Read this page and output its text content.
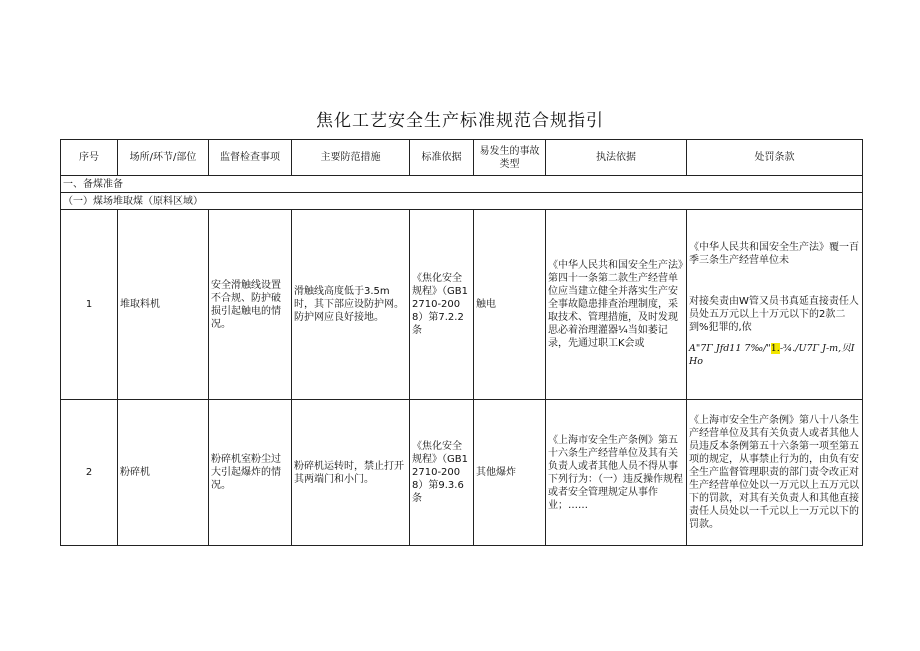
焦化工艺安全生产标准规范合规指引
序号	场所/环节/部位	监督检查事项	主要防范措施	标准依据	易发生的事故类型	执法依据	处罚条款
一、备煤准备							
（一）煤场堆取煤（原料区域）							
1	堆取料机	安全滑触线设置不合规、防护破损引起触电的情况。	滑触线高度低于3.5m时，其下部应设防护网。防护网应良好接地。	《焦化安全规程》（GB12710-2008）第7.2.2条	触电	《中华人民共和国安全生产法》第四十一条第二款生产经营单位应当建立健全并落实生产安全事故隐患排查治理制度，采取技术、管理措施，及时发现思必着治理灌器¼当如萎记录，先通过职工K会或	《中华人民共和国安全生产法》覆一百季三条生产经营单位未
对接矣责由W管又员书真延直接责任人员处五万元以上十万元以下的2款二到%犯罪的,依
A"7Γ Jfd11 7‰/"1.-¾./U7Γ J-т,贝IHo

2	粉碎机	粉碎机室粉尘过大引起爆炸的情况。	粉碎机运转时，禁止打开其两端门和小门。	《焦化安全规程》（GB12710-2008）第9.3.6条	其他爆炸	《上海市安全生产条例》第五十六条生产经营单位及其有关负责人或者其他人员不得从事下列行为：（一）违反操作规程或者安全管理规定从事作业；……	《上海市安全生产条例》第八十八条生产经营单位及其有关负责人或者其他人员违反本条例第五十六条第一项至第五项的规定，从事禁止行为的，由负有安全生产监督管理职责的部门责令改正对生产经营单位处以一万元以上五万元以下的罚款，对其有关负责人和其他直接责任人员处以一千元以上一万元以下的罚款。
